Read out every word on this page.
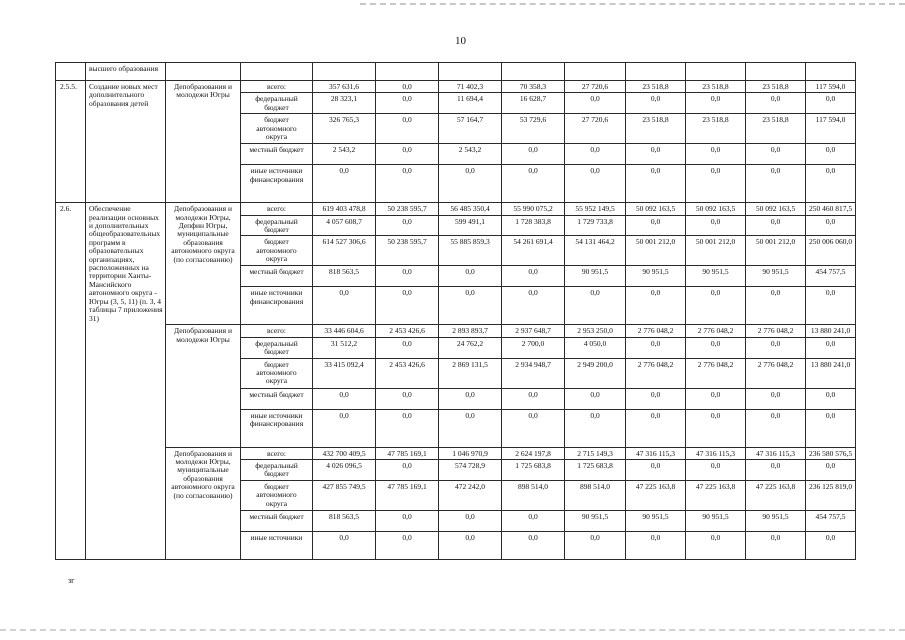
10
	высшего образования											
2.5.5.	Создание новых мест дополнительного образования детей	Депобразования и молодежи Югры	всего:	357 631,6	0,0	71 402,3	70 358,3	27 720,6	23 518,8	23 518,8	23 518,8	117 594,0
			федеральный бюджет	28 323,1	0,0	11 694,4	16 628,7	0,0	0,0	0,0	0,0	0,0
			бюджет автономного округа	326 765,3	0,0	57 164,7	53 729,6	27 720,6	23 518,8	23 518,8	23 518,8	117 594,0
			местный бюджет	2 543,2	0,0	2 543,2	0,0	0,0	0,0	0,0	0,0	0,0
			иные источники финансирования	0,0	0,0	0,0	0,0	0,0	0,0	0,0	0,0	0,0
2.6.	Обеспечение реализации основных и дополнительных общеобразовательных программ в образовательных организациях, расположенных на территории Ханты-Мансийского автономного округа - Югры (3, 5, 11) (п. 3, 4 таблицы 7 приложения 31)	Депобразования и молодежи Югры, Депфин Югры, муниципальные образования автономного округа (по согласованию)	всего:	619 403 478,8	50 238 595,7	56 485 350,4	55 990 075,2	55 952 149,5	50 092 163,5	50 092 163,5	50 092 163,5	250 460 817,5
			федеральный бюджет	4 057 608,7	0,0	599 491,1	1 728 383,8	1 729 733,8	0,0	0,0	0,0	0,0
			бюджет автономного округа	614 527 306,6	50 238 595,7	55 885 859,3	54 261 691,4	54 131 464,2	50 001 212,0	50 001 212,0	50 001 212,0	250 006 060,0
			местный бюджет	818 563,5	0,0	0,0	0,0	90 951,5	90 951,5	90 951,5	90 951,5	454 757,5
			иные источники финансирования	0,0	0,0	0,0	0,0	0,0	0,0	0,0	0,0	0,0
		Депобразования и молодежи Югры	всего:	33 446 604,6	2 453 426,6	2 893 893,7	2 937 648,7	2 953 250,0	2 776 048,2	2 776 048,2	2 776 048,2	13 880 241,0
			федеральный бюджет	31 512,2	0,0	24 762,2	2 700,0	4 050,0	0,0	0,0	0,0	0,0
			бюджет автономного округа	33 415 092,4	2 453 426,6	2 869 131,5	2 934 948,7	2 949 200,0	2 776 048,2	2 776 048,2	2 776 048,2	13 880 241,0
			местный бюджет	0,0	0,0	0,0	0,0	0,0	0,0	0,0	0,0	0,0
			иные источники финансирования	0,0	0,0	0,0	0,0	0,0	0,0	0,0	0,0	0,0
		Депобразования и молодежи Югры, муниципальные образования автономного округа (по согласованию)	всего:	432 700 409,5	47 785 169,1	1 046 970,9	2 624 197,8	2 715 149,3	47 316 115,3	47 316 115,3	47 316 115,3	236 580 576,5
			федеральный бюджет	4 026 096,5	0,0	574 728,9	1 725 683,8	1 725 683,8	0,0	0,0	0,0	0,0
			бюджет автономного округа	427 855 749,5	47 785 169,1	472 242,0	898 514,0	898 514,0	47 225 163,8	47 225 163,8	47 225 163,8	236 125 819,0
			местный бюджет	818 563,5	0,0	0,0	0,0	90 951,5	90 951,5	90 951,5	90 951,5	454 757,5
			иные источники	0,0	0,0	0,0	0,0	0,0	0,0	0,0	0,0	0,0
зг
